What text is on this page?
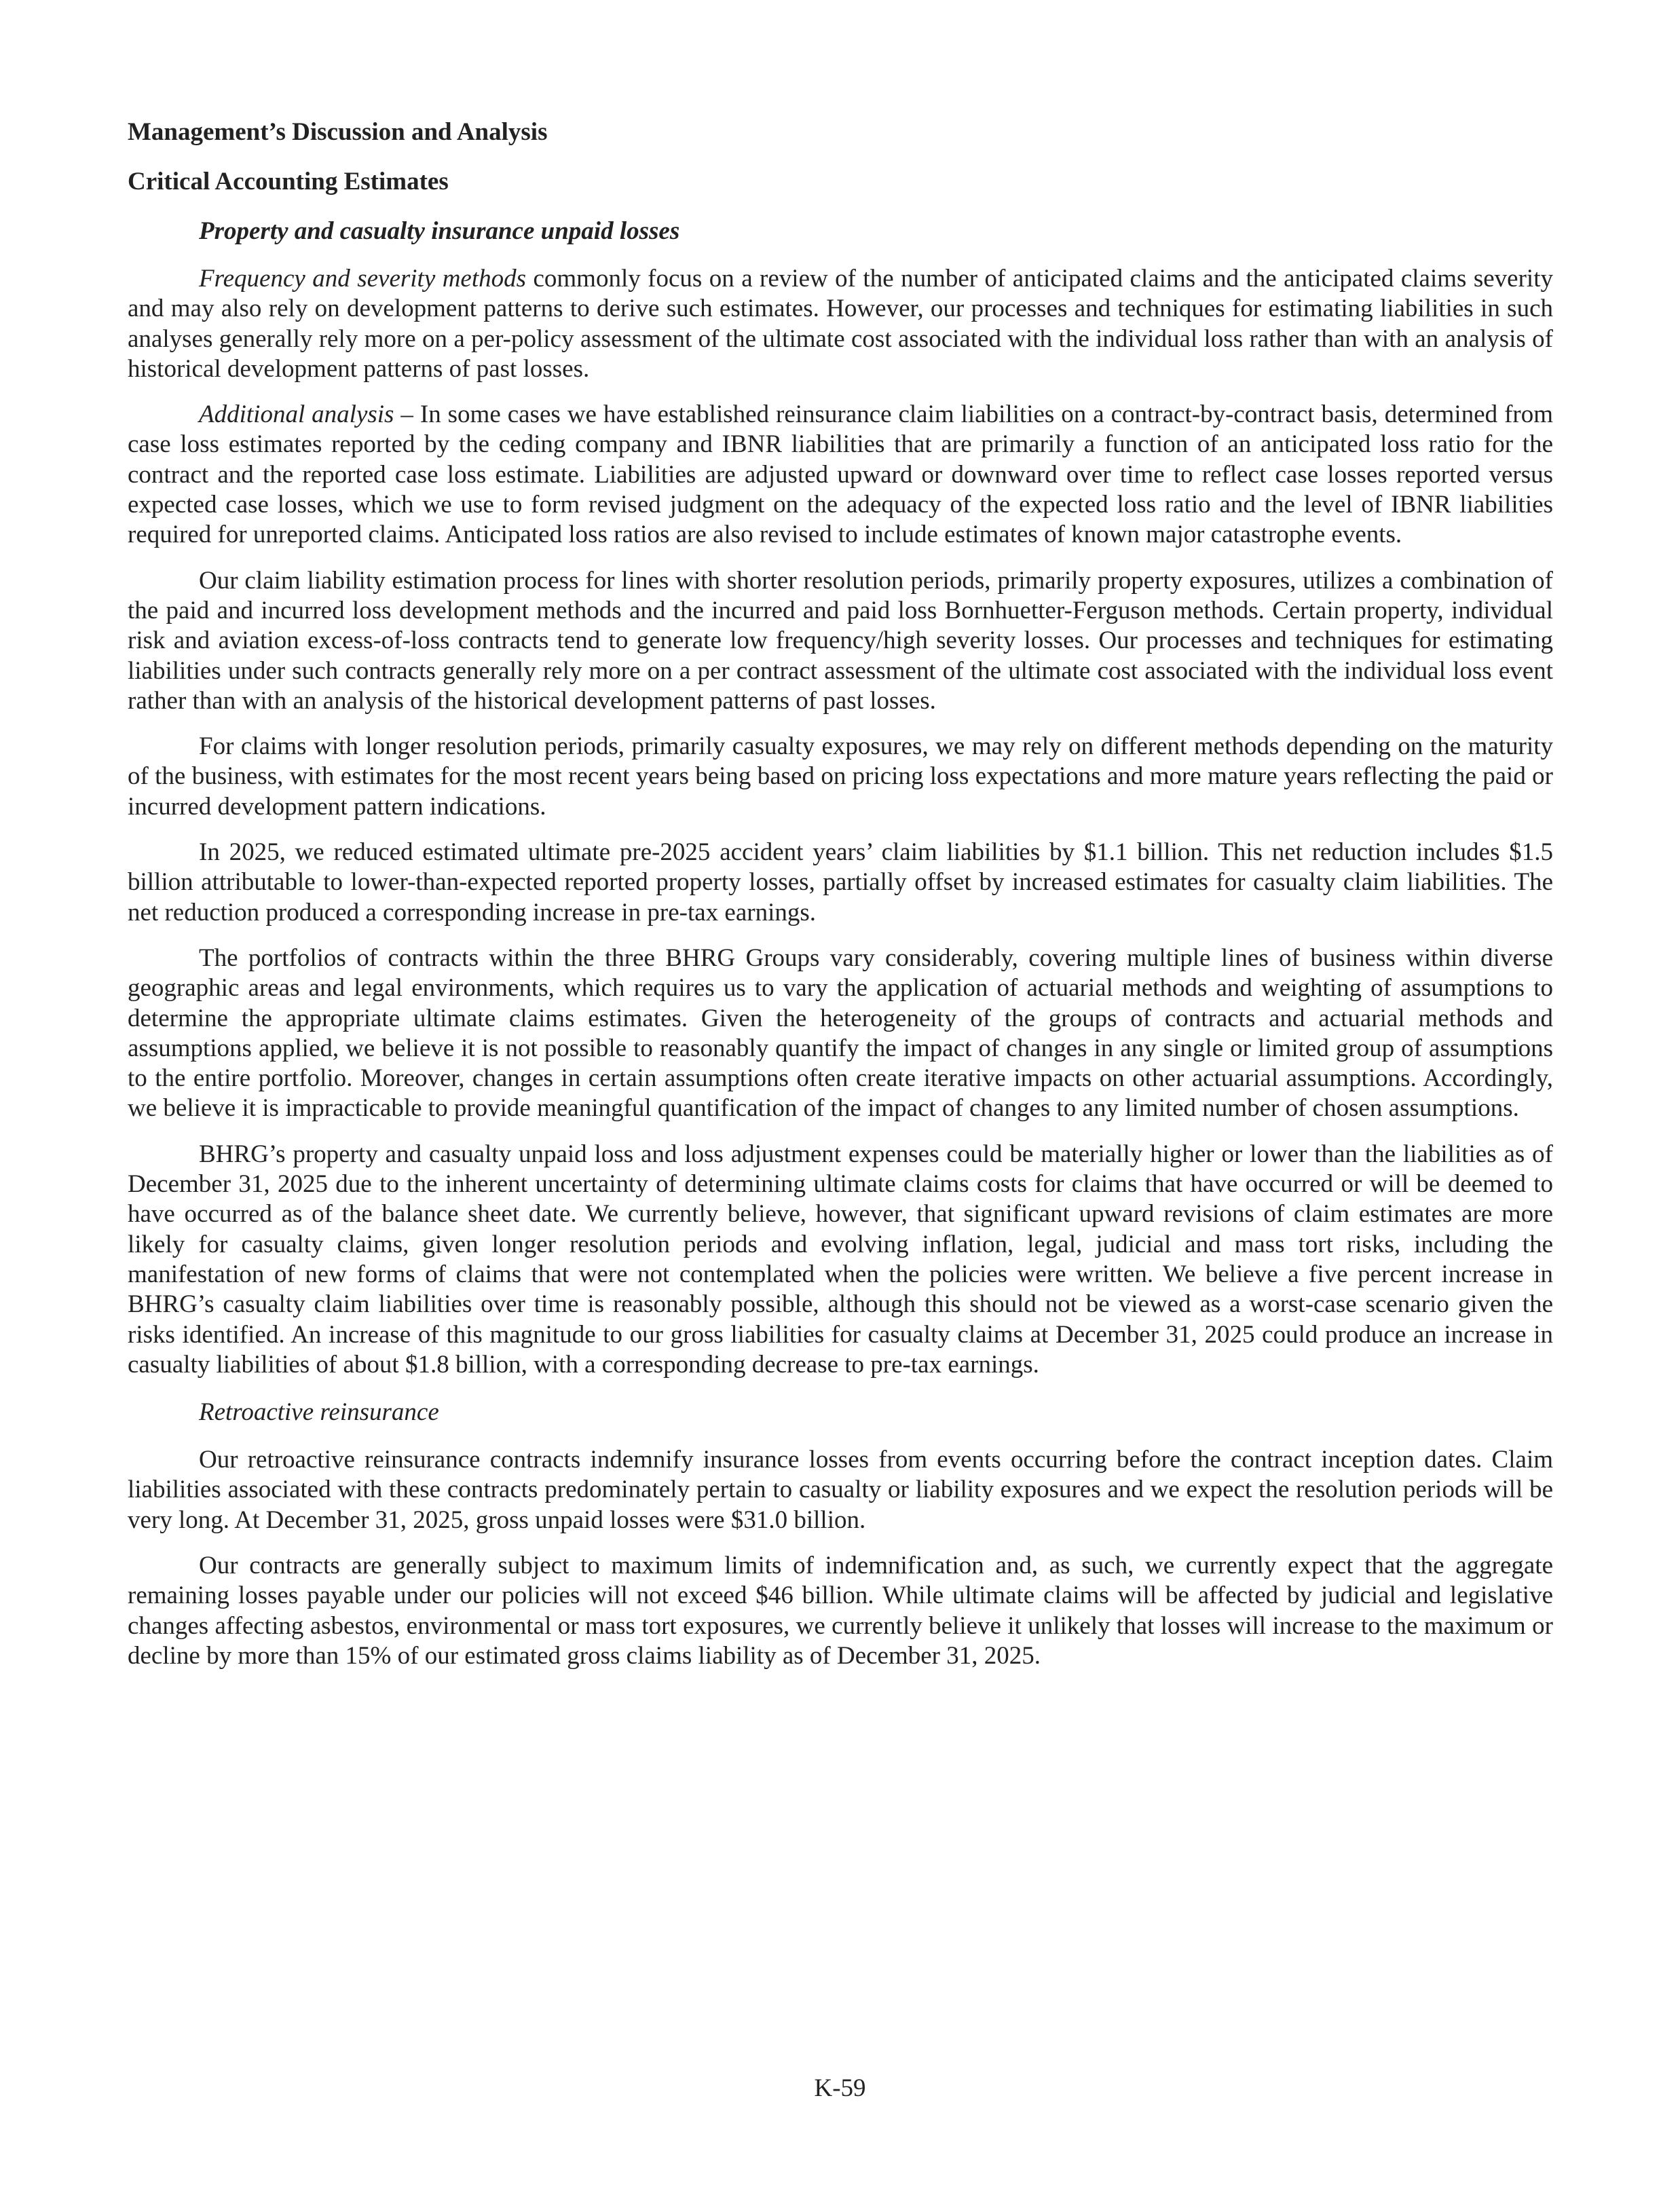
Management’s Discussion and Analysis
Critical Accounting Estimates
Property and casualty insurance unpaid losses

Frequency and severity methods commonly focus on a review of the number of anticipated claims and the anticipated claims severity and may also rely on development patterns to derive such estimates. However, our processes and techniques for estimating liabilities in such analyses generally rely more on a per-policy assessment of the ultimate cost associated with the individual loss rather than with an analysis of historical development patterns of past losses.

Additional analysis – In some cases we have established reinsurance claim liabilities on a contract-by-contract basis, determined from case loss estimates reported by the ceding company and IBNR liabilities that are primarily a function of an anticipated loss ratio for the contract and the reported case loss estimate. Liabilities are adjusted upward or downward over time to reflect case losses reported versus expected case losses, which we use to form revised judgment on the adequacy of the expected loss ratio and the level of IBNR liabilities required for unreported claims. Anticipated loss ratios are also revised to include estimates of known major catastrophe events.

Our claim liability estimation process for lines with shorter resolution periods, primarily property exposures, utilizes a combination of the paid and incurred loss development methods and the incurred and paid loss Bornhuetter-Ferguson methods. Certain property, individual risk and aviation excess-of-loss contracts tend to generate low frequency/high severity losses. Our processes and techniques for estimating liabilities under such contracts generally rely more on a per contract assessment of the ultimate cost associated with the individual loss event rather than with an analysis of the historical development patterns of past losses.

For claims with longer resolution periods, primarily casualty exposures, we may rely on different methods depending on the maturity of the business, with estimates for the most recent years being based on pricing loss expectations and more mature years reflecting the paid or incurred development pattern indications.

In 2025, we reduced estimated ultimate pre-2025 accident years’ claim liabilities by $1.1 billion. This net reduction includes $1.5 billion attributable to lower-than-expected reported property losses, partially offset by increased estimates for casualty claim liabilities. The net reduction produced a corresponding increase in pre-tax earnings.

The portfolios of contracts within the three BHRG Groups vary considerably, covering multiple lines of business within diverse geographic areas and legal environments, which requires us to vary the application of actuarial methods and weighting of assumptions to determine the appropriate ultimate claims estimates. Given the heterogeneity of the groups of contracts and actuarial methods and assumptions applied, we believe it is not possible to reasonably quantify the impact of changes in any single or limited group of assumptions to the entire portfolio. Moreover, changes in certain assumptions often create iterative impacts on other actuarial assumptions. Accordingly, we believe it is impracticable to provide meaningful quantification of the impact of changes to any limited number of chosen assumptions.

BHRG’s property and casualty unpaid loss and loss adjustment expenses could be materially higher or lower than the liabilities as of December 31, 2025 due to the inherent uncertainty of determining ultimate claims costs for claims that have occurred or will be deemed to have occurred as of the balance sheet date. We currently believe, however, that significant upward revisions of claim estimates are more likely for casualty claims, given longer resolution periods and evolving inflation, legal, judicial and mass tort risks, including the manifestation of new forms of claims that were not contemplated when the policies were written. We believe a five percent increase in BHRG’s casualty claim liabilities over time is reasonably possible, although this should not be viewed as a worst-case scenario given the risks identified. An increase of this magnitude to our gross liabilities for casualty claims at December 31, 2025 could produce an increase in casualty liabilities of about $1.8 billion, with a corresponding decrease to pre-tax earnings.

Retroactive reinsurance

Our retroactive reinsurance contracts indemnify insurance losses from events occurring before the contract inception dates. Claim liabilities associated with these contracts predominately pertain to casualty or liability exposures and we expect the resolution periods will be very long. At December 31, 2025, gross unpaid losses were $31.0 billion.

Our contracts are generally subject to maximum limits of indemnification and, as such, we currently expect that the aggregate remaining losses payable under our policies will not exceed $46 billion. While ultimate claims will be affected by judicial and legislative changes affecting asbestos, environmental or mass tort exposures, we currently believe it unlikely that losses will increase to the maximum or decline by more than 15% of our estimated gross claims liability as of December 31, 2025.

K-59
